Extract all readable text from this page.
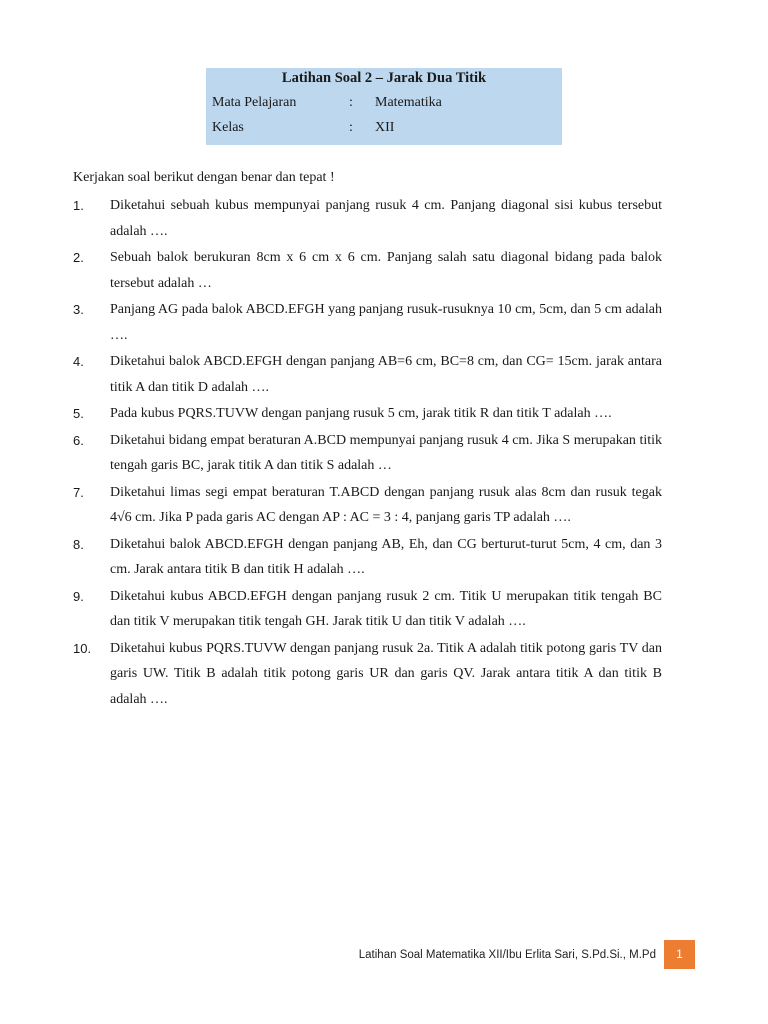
Latihan Soal 2 – Jarak Dua Titik
Mata Pelajaran	:	Matematika
Kelas	:	XII
Kerjakan soal berikut dengan benar dan tepat !
1.	Diketahui sebuah kubus mempunyai panjang rusuk 4 cm. Panjang diagonal sisi kubus tersebut adalah ….
2.	Sebuah balok berukuran 8cm x 6 cm x 6 cm. Panjang salah satu diagonal bidang pada balok tersebut adalah …
3.	Panjang AG pada balok ABCD.EFGH yang panjang rusuk-rusuknya 10 cm, 5cm, dan 5 cm adalah ….
4.	Diketahui balok ABCD.EFGH dengan panjang AB=6 cm, BC=8 cm, dan CG= 15cm. jarak antara titik A dan titik D adalah ….
5.	Pada kubus PQRS.TUVW dengan panjang rusuk 5 cm, jarak titik R dan titik T adalah ….
6.	Diketahui bidang empat beraturan A.BCD mempunyai panjang rusuk 4 cm. Jika S merupakan titik tengah garis BC, jarak titik A dan titik S adalah …
7.	Diketahui limas segi empat beraturan T.ABCD dengan panjang rusuk alas 8cm dan rusuk tegak 4√6 cm. Jika P pada garis AC dengan AP : AC = 3 : 4, panjang garis TP adalah ….
8.	Diketahui balok ABCD.EFGH dengan panjang AB, Eh, dan CG berturut-turut 5cm, 4 cm, dan 3 cm. Jarak antara titik B dan titik H adalah ….
9.	Diketahui kubus ABCD.EFGH dengan panjang rusuk 2 cm. Titik U merupakan titik tengah BC dan titik V merupakan titik tengah GH. Jarak titik U dan titik V adalah ….
10.	Diketahui kubus PQRS.TUVW dengan panjang rusuk 2a. Titik A adalah titik potong garis TV dan garis UW. Titik B adalah titik potong garis UR dan garis QV. Jarak antara titik A dan titik B adalah ….
Latihan Soal Matematika XII/Ibu Erlita Sari, S.Pd.Si., M.Pd	1
